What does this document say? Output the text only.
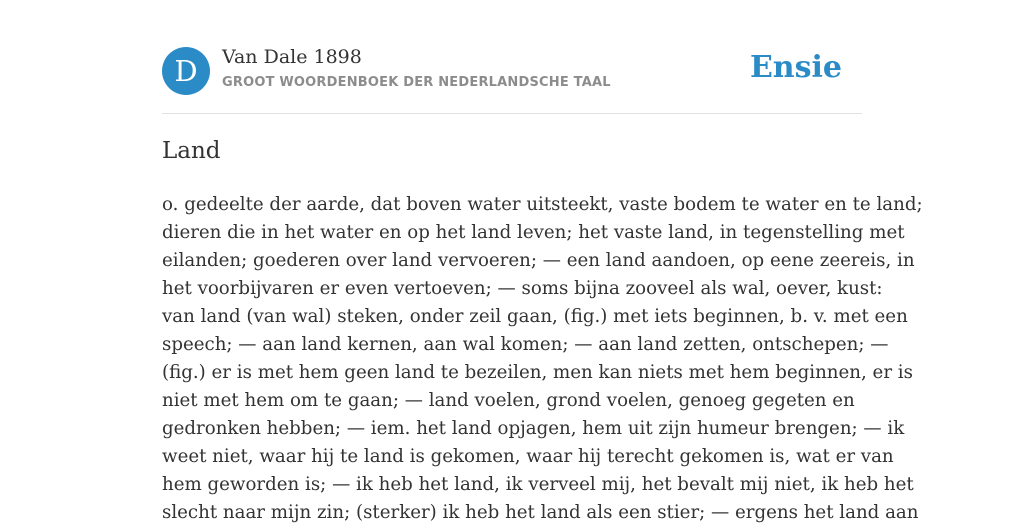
D	Van Dale 1898
GROOT WOORDENBOEK DER NEDERLANDSCHE TAAL	Ensie
Land

o. gedeelte der aarde, dat boven water uitsteekt, vaste bodem te water en te land;
dieren die in het water en op het land leven; het vaste land, in tegenstelling met
eilanden; goederen over land vervoeren; — een land aandoen, op eene zeereis, in
het voorbijvaren er even vertoeven; — soms bijna zooveel als wal, oever, kust:
van land (van wal) steken, onder zeil gaan, (fig.) met iets beginnen, b. v. met een
speech; — aan land kernen, aan wal komen; — aan land zetten, ontschepen; —
(fig.) er is met hem geen land te bezeilen, men kan niets met hem beginnen, er is
niet met hem om te gaan; — land voelen, grond voelen, genoeg gegeten en
gedronken hebben; — iem. het land opjagen, hem uit zijn humeur brengen; — ik
weet niet, waar hij te land is gekomen, waar hij terecht gekomen is, wat er van
hem geworden is; — ik heb het land, ik verveel mij, het bevalt mij niet, ik heb het
slecht naar mijn zin; (sterker) ik heb het land als een stier; — ergens het land aan
